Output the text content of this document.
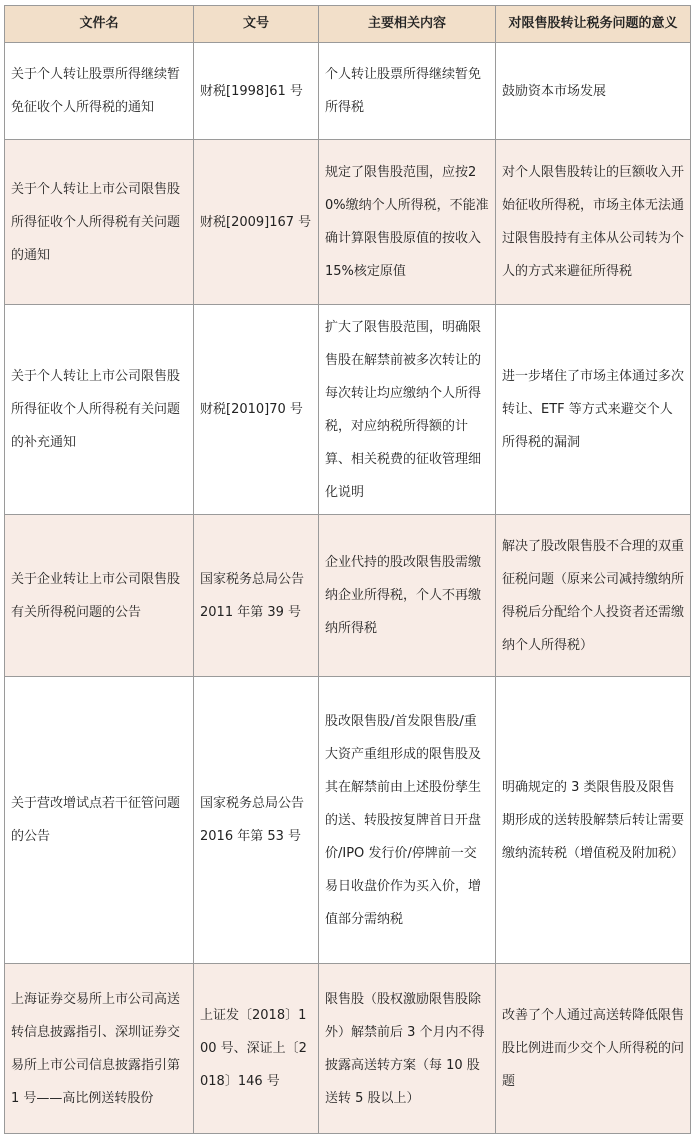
文件名	文号	主要相关内容	对限售股转让税务问题的意义
关于个人转让股票所得继续暂免征收个人所得税的通知	财税[1998]61 号	个人转让股票所得继续暂免所得税	鼓励资本市场发展
关于个人转让上市公司限售股所得征收个人所得税有关问题的通知	财税[2009]167 号	规定了限售股范围，应按20%缴纳个人所得税，不能准确计算限售股原值的按收入 15%核定原值	对个人限售股转让的巨额收入开始征收所得税，市场主体无法通过限售股持有主体从公司转为个人的方式来避征所得税
关于个人转让上市公司限售股所得征收个人所得税有关问题的补充通知	财税[2010]70 号	扩大了限售股范围，明确限售股在解禁前被多次转让的每次转让均应缴纳个人所得税，对应纳税所得额的计算、相关税费的征收管理细化说明	进一步堵住了市场主体通过多次转让、ETF 等方式来避交个人所得税的漏洞
关于企业转让上市公司限售股有关所得税问题的公告	国家税务总局公告2011 年第 39 号	企业代持的股改限售股需缴纳企业所得税，个人不再缴纳所得税	解决了股改限售股不合理的双重征税问题（原来公司减持缴纳所得税后分配给个人投资者还需缴纳个人所得税）
关于营改增试点若干征管问题的公告	国家税务总局公告2016 年第 53 号	股改限售股/首发限售股/重大资产重组形成的限售股及其在解禁前由上述股份孳生的送、转股按复牌首日开盘价/IPO 发行价/停牌前一交易日收盘价作为买入价，增值部分需纳税	明确规定的 3 类限售股及限售期形成的送转股解禁后转让需要缴纳流转税（增值税及附加税）
上海证券交易所上市公司高送转信息披露指引、深圳证券交易所上市公司信息披露指引第1 号——高比例送转股份	上证发〔2018〕100 号、深证上〔2018〕146 号	限售股（股权激励限售股除外）解禁前后 3 个月内不得披露高送转方案（每 10 股送转 5 股以上）	改善了个人通过高送转降低限售股比例进而少交个人所得税的问题
